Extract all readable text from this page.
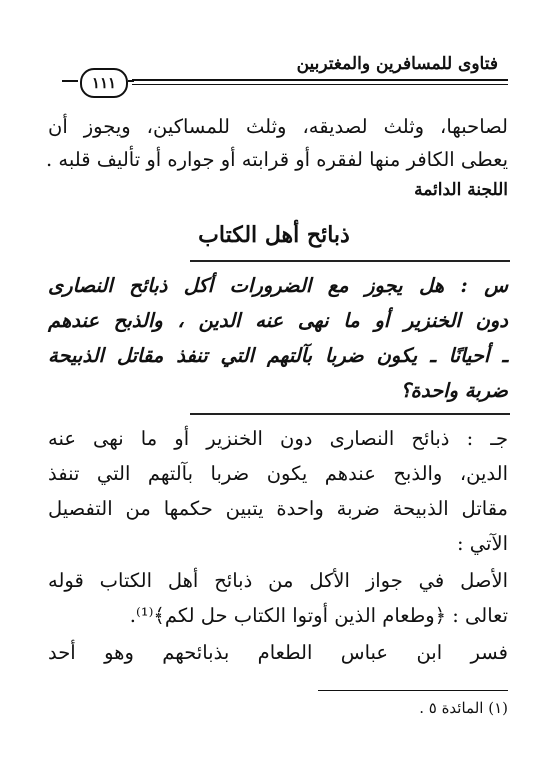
فتاوى للمسافرين والمغتربين
١١١
لصاحبها، وثلث لصديقه، وثلث للمساكين، ويجوز أن
يعطى الكافر منها لفقره أو قرابته أو جواره أو تأليف قلبه .
اللجنة الدائمة
ذبائح أهل الكتاب
س : هل يجوز مع الضرورات أكل ذبائح النصارى
دون الخنزير أو ما نهى عنه الدين ، والذبح عندهم
ـ أحيانًا ـ يكون ضربا بآلتهم التي تنفذ مقاتل الذبيحة
ضربة واحدة؟
جـ : ذبائح النصارى دون الخنزير أو ما نهى عنه
الدين، والذبح عندهم يكون ضربا بآلتهم التي تنفذ
مقاتل الذبيحة ضربة واحدة يتبين حكمها من التفصيل
الآتي :
الأصل في جواز الأكل من ذبائح أهل الكتاب قوله
تعالى : ﴿وطعام الذين أوتوا الكتاب حل لكم﴾⁽¹⁾.
فسر ابن عباس الطعام بذبائحهم وهو أحد
(١) المائدة ٥ .
